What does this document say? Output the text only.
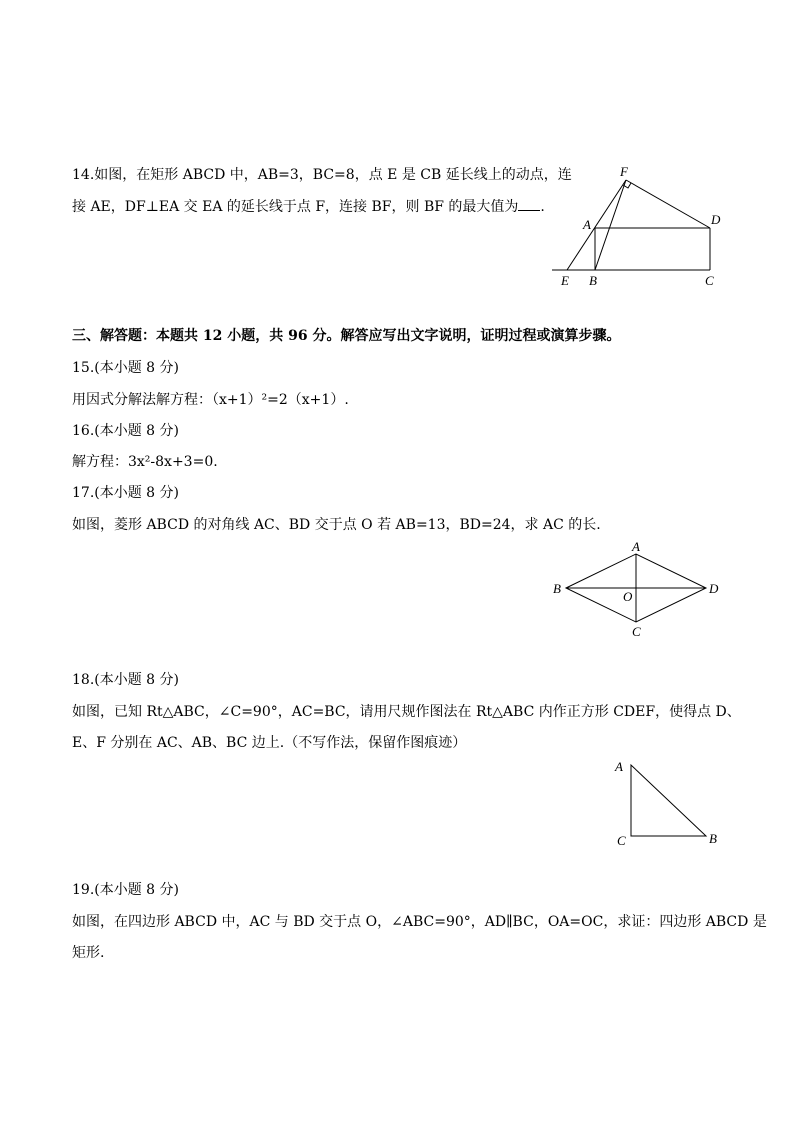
14.如图，在矩形 ABCD 中，AB=3，BC=8，点 E 是 CB 延长线上的动点，连
接 AE，DF⊥EA 交 EA 的延长线于点 F，连接 BF，则 BF 的最大值为 .
F
A	D
E B	C
三、解答题：本题共 12 小题，共 96 分。解答应写出文字说明，证明过程或演算步骤。
15.(本小题 8 分)
用因式分解法解方程：（x+1）²=2（x+1）.
16.(本小题 8 分)
解方程：3x²-8x+3=0.
17.(本小题 8 分)
如图，菱形 ABCD 的对角线 AC、BD 交于点 O 若 AB=13，BD=24，求 AC 的长.
A
B	D
O
C
18.(本小题 8 分)
如图，已知 Rt△ABC，∠C=90°，AC=BC，请用尺规作图法在 Rt△ABC 内作正方形 CDEF，使得点 D、
E、F 分别在 AC、AB、BC 边上.（不写作法，保留作图痕迹）
A
C	B
19.(本小题 8 分)
如图，在四边形 ABCD 中，AC 与 BD 交于点 O，∠ABC=90°，AD∥BC，OA=OC，求证：四边形 ABCD 是
矩形.
